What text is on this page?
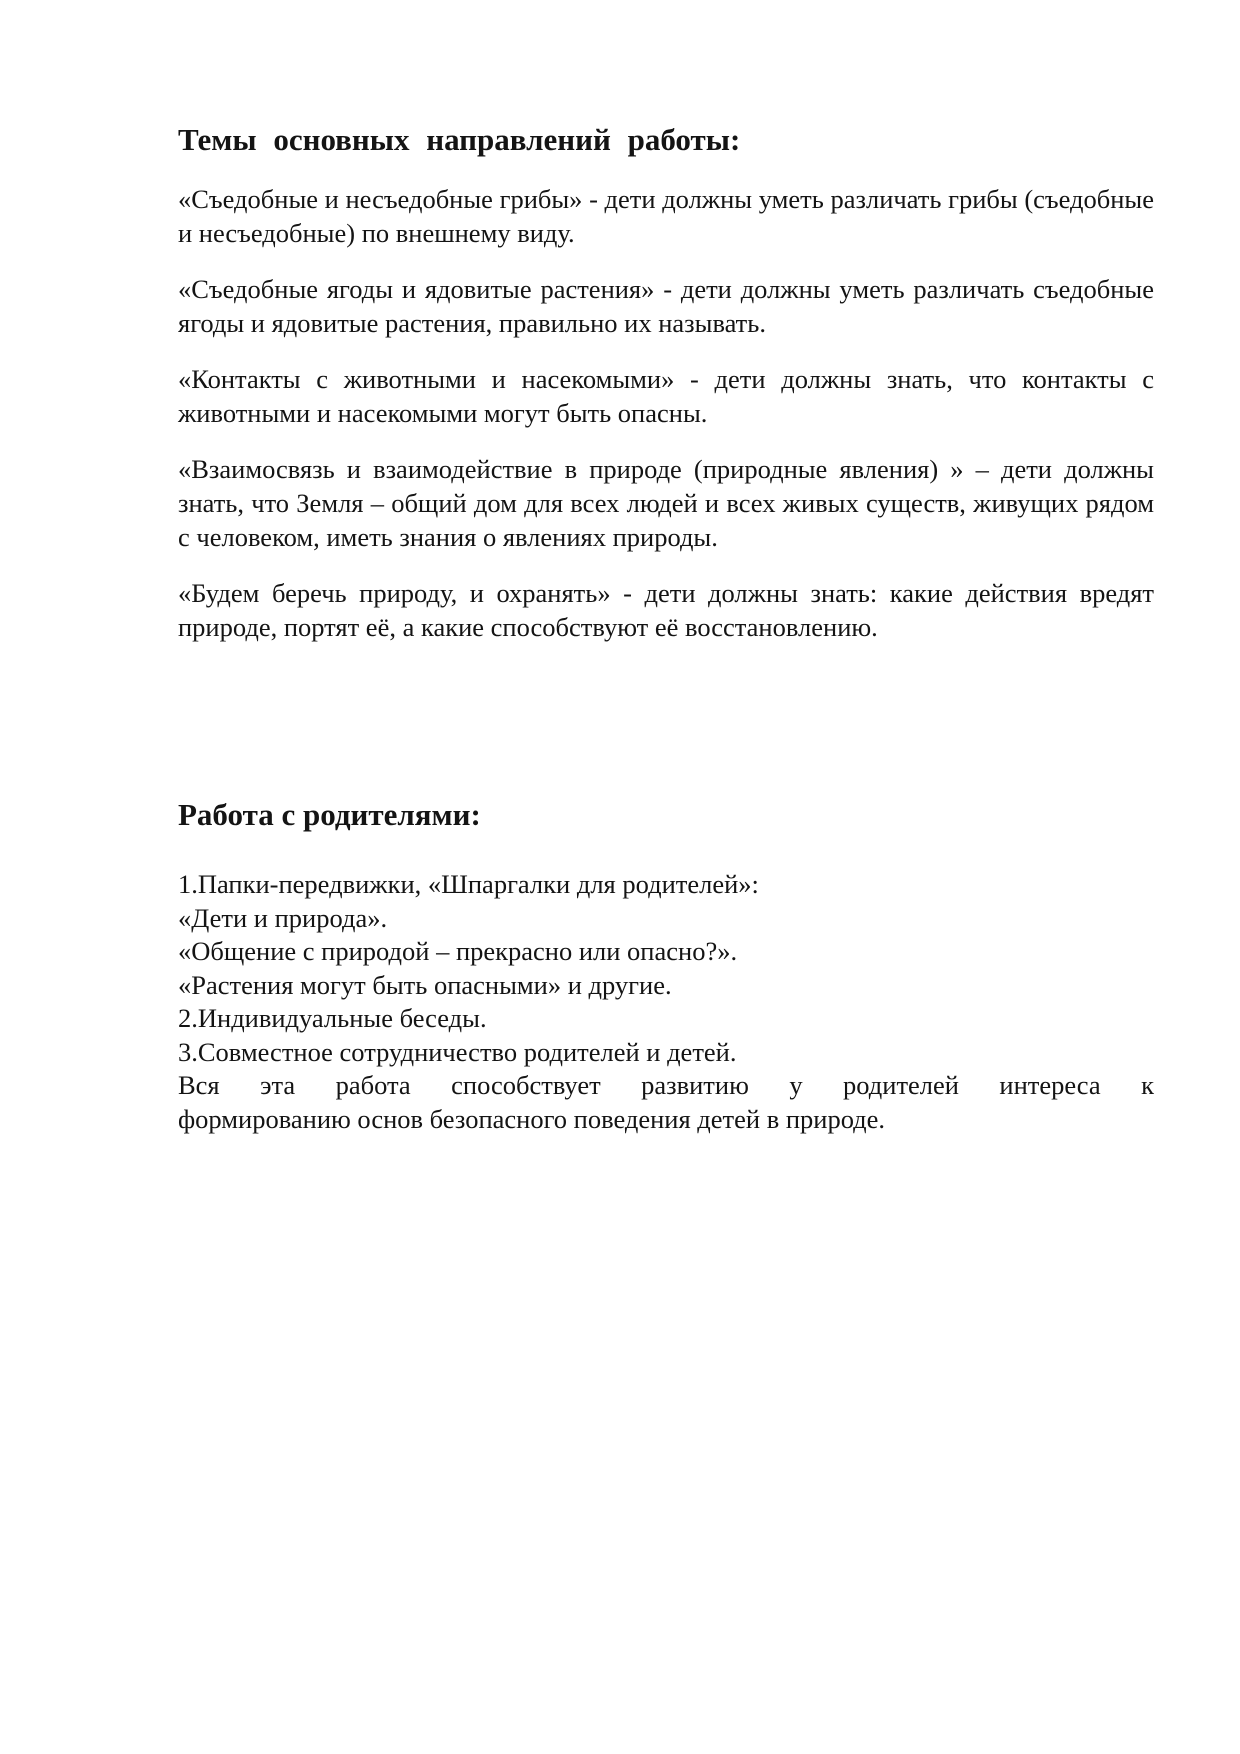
Темы основных направлений работы:

«Съедобные и несъедобные грибы» - дети должны уметь различать грибы (съедобные и несъедобные) по внешнему виду.

«Съедобные ягоды и ядовитые растения» - дети должны уметь различать съедобные ягоды и ядовитые растения, правильно их называть.

«Контакты с животными и насекомыми» - дети должны знать, что контакты с животными и насекомыми могут быть опасны.

«Взаимосвязь и взаимодействие в природе (природные явления) » – дети должны знать, что Земля – общий дом для всех людей и всех живых существ, живущих рядом с человеком, иметь знания о явлениях природы.

«Будем беречь природу, и охранять» - дети должны знать: какие действия вредят природе, портят её, а какие способствуют её восстановлению.

Работа с родителями:

1.Папки-передвижки, «Шпаргалки для родителей»:

«Дети и природа».

«Общение с природой – прекрасно или опасно?».

«Растения могут быть опасными» и другие.

2.Индивидуальные беседы.

3.Совместное сотрудничество родителей и детей.

Вся эта работа способствует развитию у родителей интереса к
формированию основ безопасного поведения детей в природе.
